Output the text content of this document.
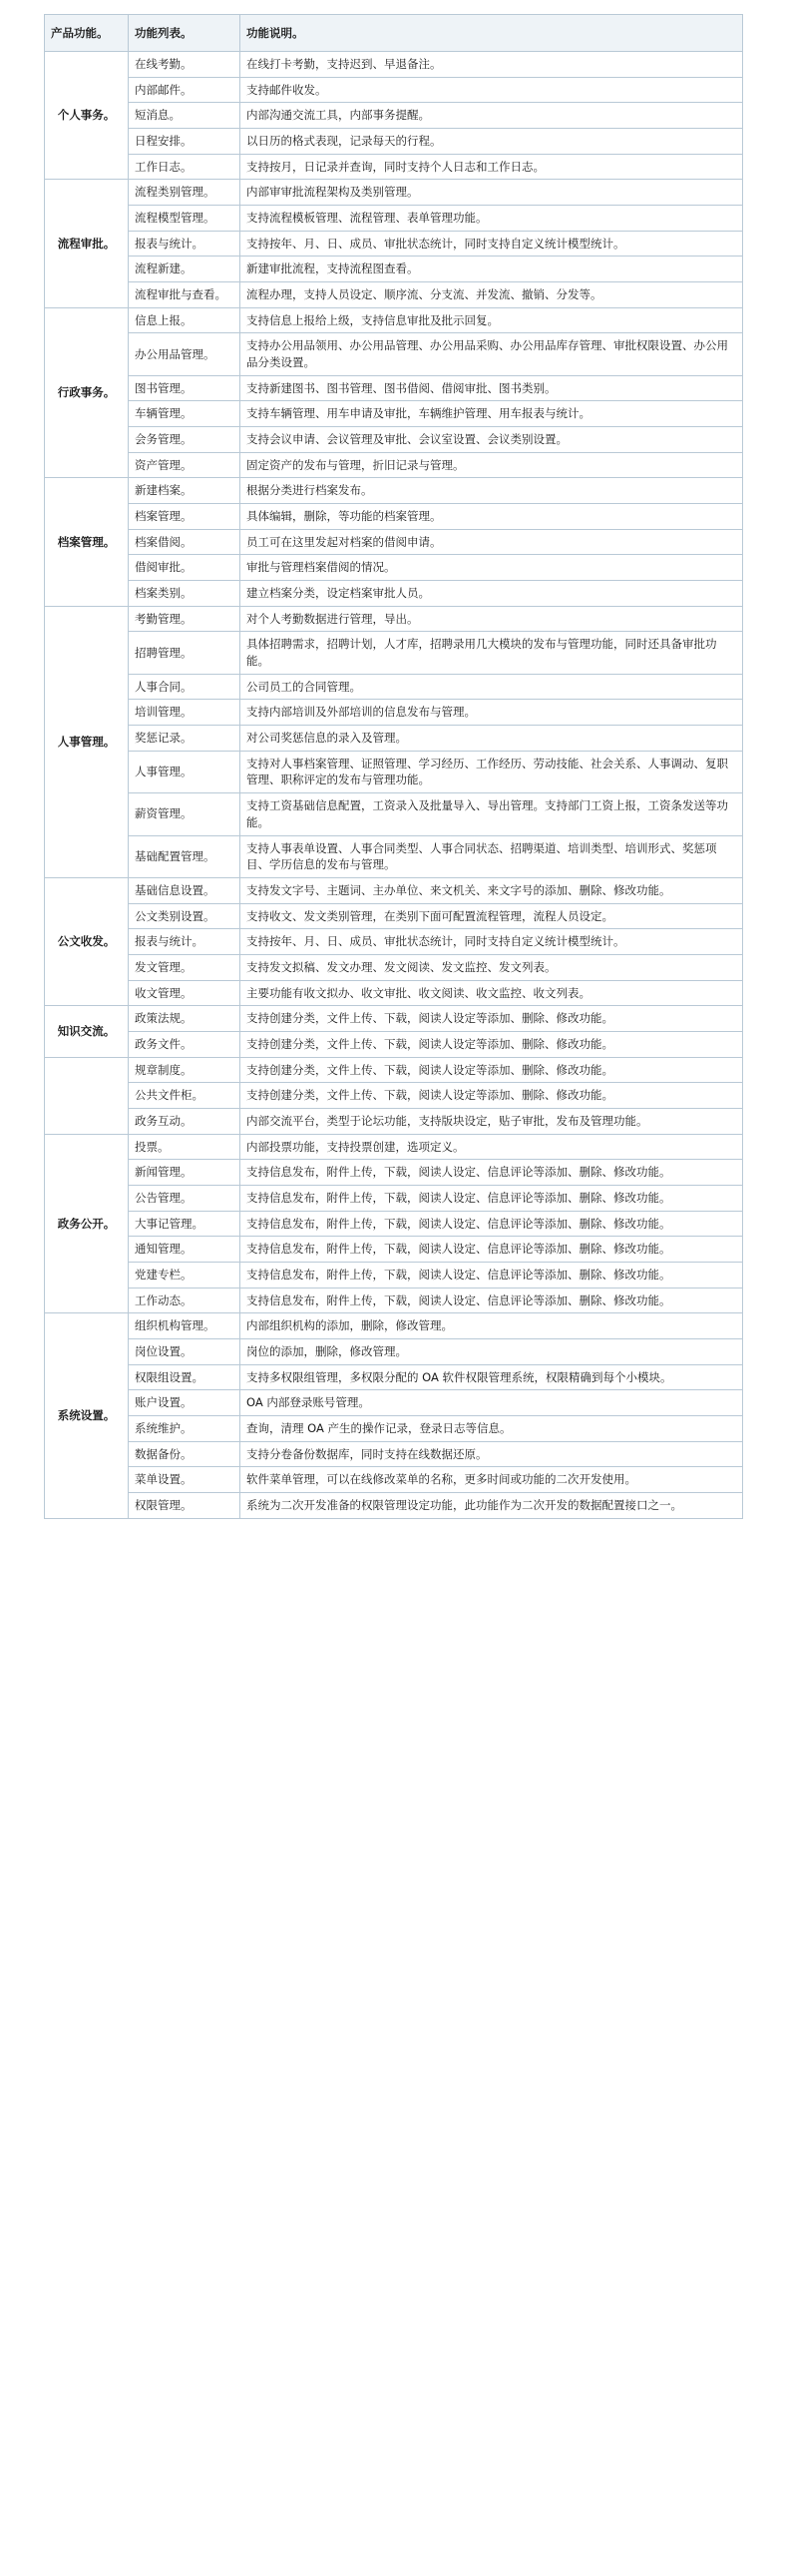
产品功能。	功能列表。	功能说明。
个人事务。	在线考勤。	在线打卡考勤，支持迟到、早退备注。
	内部邮件。	支持邮件收发。
	短消息。	内部沟通交流工具，内部事务提醒。
	日程安排。	以日历的格式表现，记录每天的行程。
	工作日志。	支持按月，日记录并查询，同时支持个人日志和工作日志。
流程审批。	流程类别管理。	内部审审批流程架构及类别管理。
	流程模型管理。	支持流程模板管理、流程管理、表单管理功能。
	报表与统计。	支持按年、月、日、成员、审批状态统计，同时支持自定义统计模型统计。
	流程新建。	新建审批流程，支持流程图查看。
	流程审批与查看。	流程办理，支持人员设定、顺序流、分支流、并发流、撤销、分发等。
行政事务。	信息上报。	支持信息上报给上级，支持信息审批及批示回复。
	办公用品管理。	支持办公用品领用、办公用品管理、办公用品采购、办公用品库存管理、审批权限设置、办公用品分类设置。
	图书管理。	支持新建图书、图书管理、图书借阅、借阅审批、图书类别。
	车辆管理。	支持车辆管理、用车申请及审批，车辆维护管理、用车报表与统计。
	会务管理。	支持会议申请、会议管理及审批、会议室设置、会议类别设置。
	资产管理。	固定资产的发布与管理，折旧记录与管理。
档案管理。	新建档案。	根据分类进行档案发布。
	档案管理。	具体编辑，删除，等功能的档案管理。
	档案借阅。	员工可在这里发起对档案的借阅申请。
	借阅审批。	审批与管理档案借阅的情况。
	档案类别。	建立档案分类，设定档案审批人员。
人事管理。	考勤管理。	对个人考勤数据进行管理，导出。
	招聘管理。	具体招聘需求，招聘计划，人才库，招聘录用几大模块的发布与管理功能，同时还具备审批功能。
	人事合同。	公司员工的合同管理。
	培训管理。	支持内部培训及外部培训的信息发布与管理。
	奖惩记录。	对公司奖惩信息的录入及管理。
	人事管理。	支持对人事档案管理、证照管理、学习经历、工作经历、劳动技能、社会关系、人事调动、复职管理、职称评定的发布与管理功能。
	薪资管理。	支持工资基础信息配置，工资录入及批量导入、导出管理。支持部门工资上报，工资条发送等功能。
	基础配置管理。	支持人事表单设置、人事合同类型、人事合同状态、招聘渠道、培训类型、培训形式、奖惩项目、学历信息的发布与管理。
公文收发。	基础信息设置。	支持发文字号、主题词、主办单位、来文机关、来文字号的添加、删除、修改功能。
	公文类别设置。	支持收文、发文类别管理，在类别下面可配置流程管理，流程人员设定。
	报表与统计。	支持按年、月、日、成员、审批状态统计，同时支持自定义统计模型统计。
	发文管理。	支持发文拟稿、发文办理、发文阅读、发文监控、发文列表。
	收文管理。	主要功能有收文拟办、收文审批、收文阅读、收文监控、收文列表。
知识交流。	政策法规。	支持创建分类，文件上传、下载，阅读人设定等添加、删除、修改功能。
	政务文件。	支持创建分类，文件上传、下载，阅读人设定等添加、删除、修改功能。
	规章制度。	支持创建分类，文件上传、下载，阅读人设定等添加、删除、修改功能。
	公共文件柜。	支持创建分类，文件上传、下载，阅读人设定等添加、删除、修改功能。
	政务互动。	内部交流平台，类型于论坛功能，支持版块设定，贴子审批，发布及管理功能。
政务公开。	投票。	内部投票功能，支持投票创建，选项定义。
	新闻管理。	支持信息发布，附件上传，下载，阅读人设定、信息评论等添加、删除、修改功能。
	公告管理。	支持信息发布，附件上传，下载，阅读人设定、信息评论等添加、删除、修改功能。
	大事记管理。	支持信息发布，附件上传，下载，阅读人设定、信息评论等添加、删除、修改功能。
	通知管理。	支持信息发布，附件上传，下载，阅读人设定、信息评论等添加、删除、修改功能。
	党建专栏。	支持信息发布，附件上传，下载，阅读人设定、信息评论等添加、删除、修改功能。
	工作动态。	支持信息发布，附件上传，下载，阅读人设定、信息评论等添加、删除、修改功能。
系统设置。	组织机构管理。	内部组织机构的添加，删除，修改管理。
	岗位设置。	岗位的添加，删除，修改管理。
	权限组设置。	支持多权限组管理，多权限分配的 OA 软件权限管理系统，权限精确到每个小模块。
	账户设置。	OA 内部登录账号管理。
	系统维护。	查询，清理 OA 产生的操作记录，登录日志等信息。
	数据备份。	支持分卷备份数据库，同时支持在线数据还原。
	菜单设置。	软件菜单管理，可以在线修改菜单的名称，更多时间或功能的二次开发使用。
	权限管理。	系统为二次开发准备的权限管理设定功能，此功能作为二次开发的数据配置接口之一。
